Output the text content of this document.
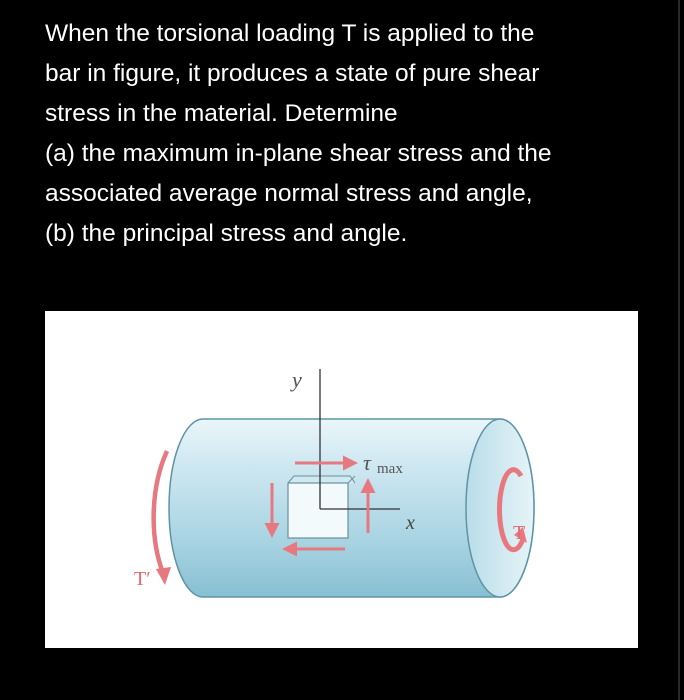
When the torsional loading T is applied to the
bar in figure, it produces a state of pure shear
stress in the material. Determine
(a) the maximum in-plane shear stress and the
associated average normal stress and angle,
(b) the principal stress and angle.
y
x
τ max
T
T′
